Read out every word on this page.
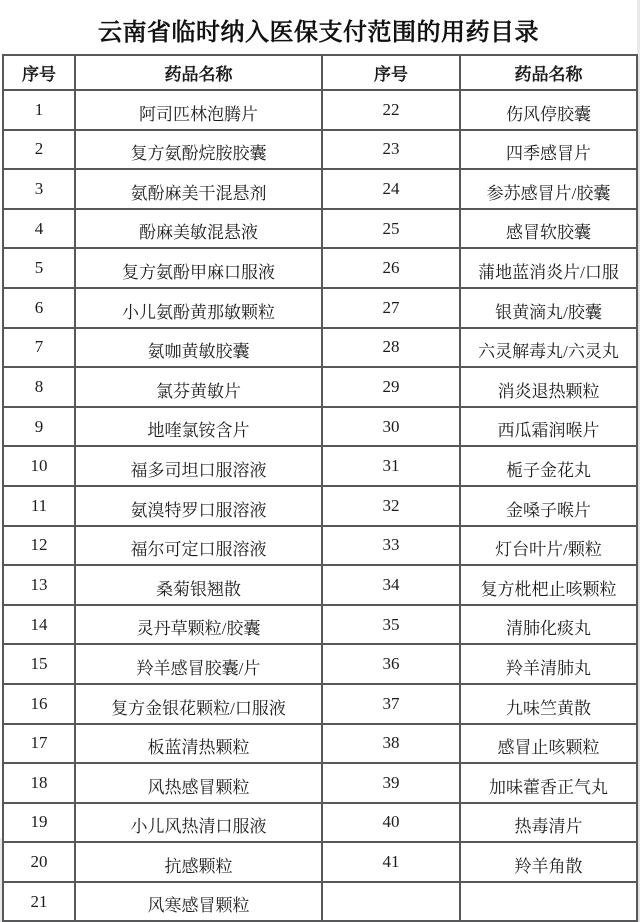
云南省临时纳入医保支付范围的用药目录
序号	药品名称
1	阿司匹林泡腾片
2	复方氨酚烷胺胶囊
3	氨酚麻美干混悬剂
4	酚麻美敏混悬液
5	复方氨酚甲麻口服液
6	小儿氨酚黄那敏颗粒
7	氨咖黄敏胶囊
8	氯芬黄敏片
9	地喹氯铵含片
10	福多司坦口服溶液
11	氨溴特罗口服溶液
12	福尔可定口服溶液
13	桑菊银翘散
14	灵丹草颗粒/胶囊
15	羚羊感冒胶囊/片
16	复方金银花颗粒/口服液
17	板蓝清热颗粒
18	风热感冒颗粒
19	小儿风热清口服液
20	抗感颗粒
21	风寒感冒颗粒
序号	药品名称
22	伤风停胶囊
23	四季感冒片
24	参苏感冒片/胶囊
25	感冒软胶囊
26	蒲地蓝消炎片/口服
27	银黄滴丸/胶囊
28	六灵解毒丸/六灵丸
29	消炎退热颗粒
30	西瓜霜润喉片
31	栀子金花丸
32	金嗓子喉片
33	灯台叶片/颗粒
34	复方枇杷止咳颗粒
35	清肺化痰丸
36	羚羊清肺丸
37	九味竺黄散
38	感冒止咳颗粒
39	加味藿香正气丸
40	热毒清片
41	羚羊角散
